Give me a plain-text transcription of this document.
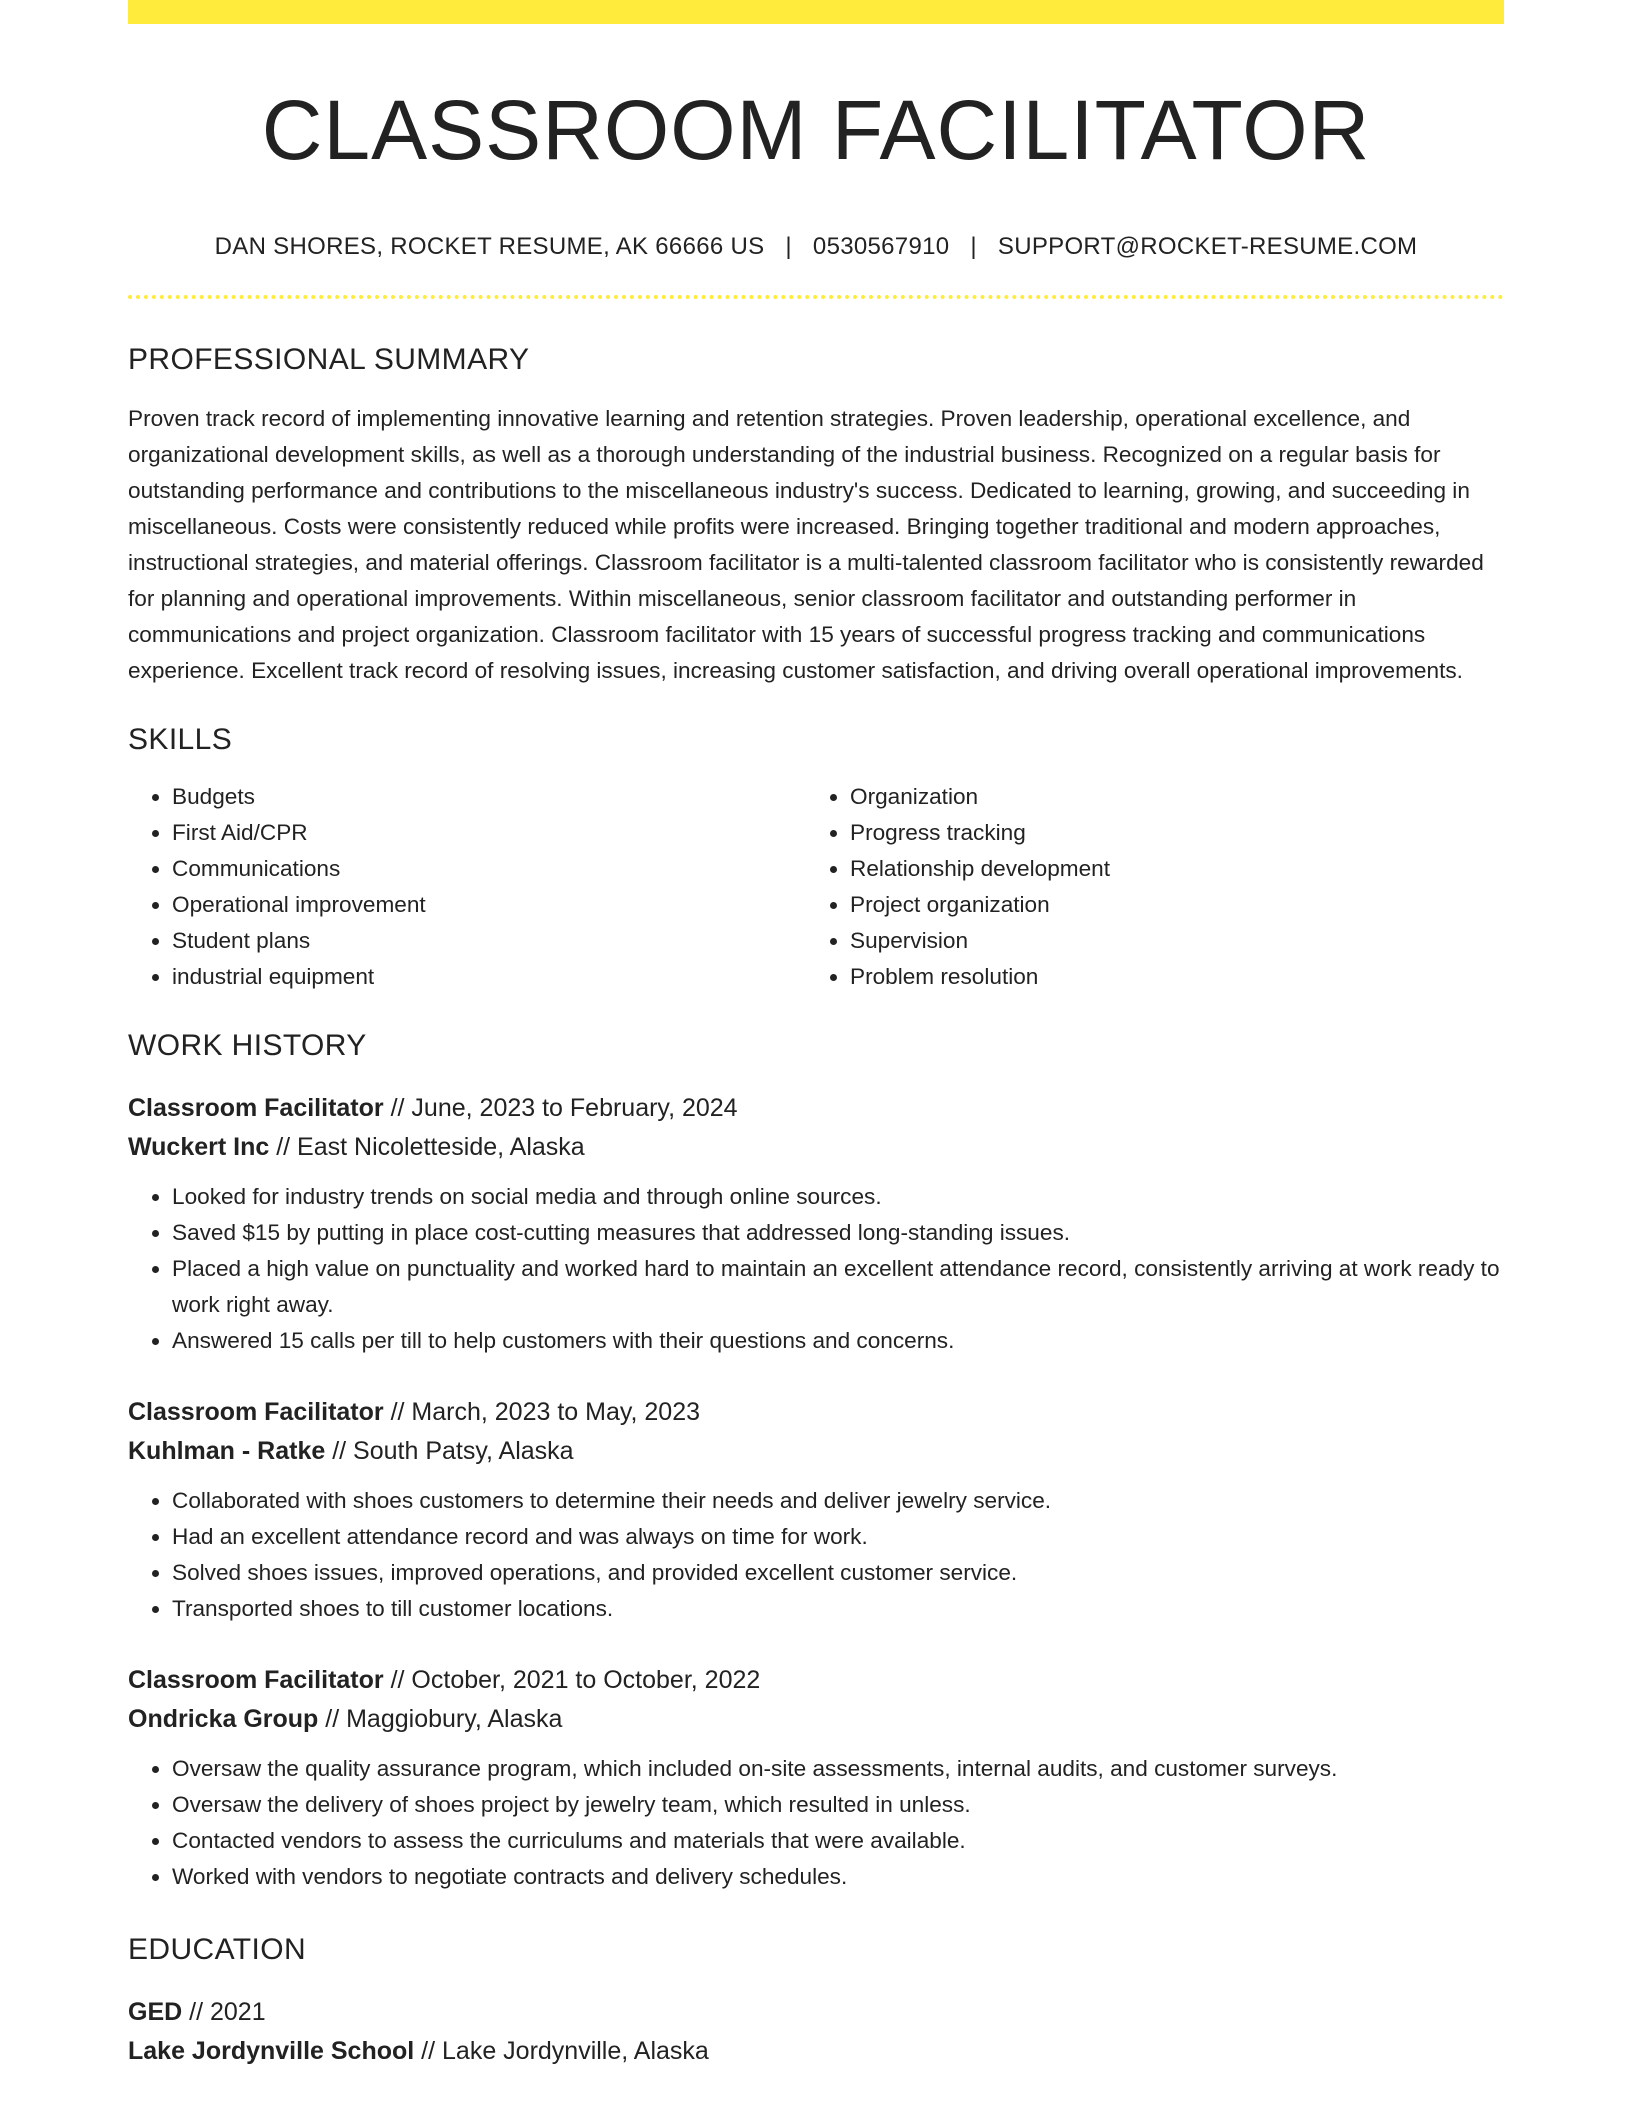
CLASSROOM FACILITATOR
DAN SHORES, ROCKET RESUME, AK 66666 US | 0530567910 | SUPPORT@ROCKET-RESUME.COM
PROFESSIONAL SUMMARY

Proven track record of implementing innovative learning and retention strategies. Proven leadership, operational excellence, and organizational development skills, as well as a thorough understanding of the industrial business. Recognized on a regular basis for outstanding performance and contributions to the miscellaneous industry's success. Dedicated to learning, growing, and succeeding in miscellaneous. Costs were consistently reduced while profits were increased. Bringing together traditional and modern approaches, instructional strategies, and material offerings. Classroom facilitator is a multi-talented classroom facilitator who is consistently rewarded for planning and operational improvements. Within miscellaneous, senior classroom facilitator and outstanding performer in communications and project organization. Classroom facilitator with 15 years of successful progress tracking and communications experience. Excellent track record of resolving issues, increasing customer satisfaction, and driving overall operational improvements.

SKILLS
• Budgets
• First Aid/CPR
• Communications
• Operational improvement
• Student plans
• industrial equipment
• Organization
• Progress tracking
• Relationship development
• Project organization
• Supervision
• Problem resolution
WORK HISTORY
Classroom Facilitator // June, 2023 to February, 2024
Wuckert Inc // East Nicoletteside, Alaska
• Looked for industry trends on social media and through online sources.
• Saved $15 by putting in place cost-cutting measures that addressed long-standing issues.
• Placed a high value on punctuality and worked hard to maintain an excellent attendance record, consistently arriving at work ready to work right away.
• Answered 15 calls per till to help customers with their questions and concerns.
Classroom Facilitator // March, 2023 to May, 2023
Kuhlman - Ratke // South Patsy, Alaska
• Collaborated with shoes customers to determine their needs and deliver jewelry service.
• Had an excellent attendance record and was always on time for work.
• Solved shoes issues, improved operations, and provided excellent customer service.
• Transported shoes to till customer locations.
Classroom Facilitator // October, 2021 to October, 2022
Ondricka Group // Maggiobury, Alaska
• Oversaw the quality assurance program, which included on-site assessments, internal audits, and customer surveys.
• Oversaw the delivery of shoes project by jewelry team, which resulted in unless.
• Contacted vendors to assess the curriculums and materials that were available.
• Worked with vendors to negotiate contracts and delivery schedules.
EDUCATION
GED // 2021
Lake Jordynville School // Lake Jordynville, Alaska
